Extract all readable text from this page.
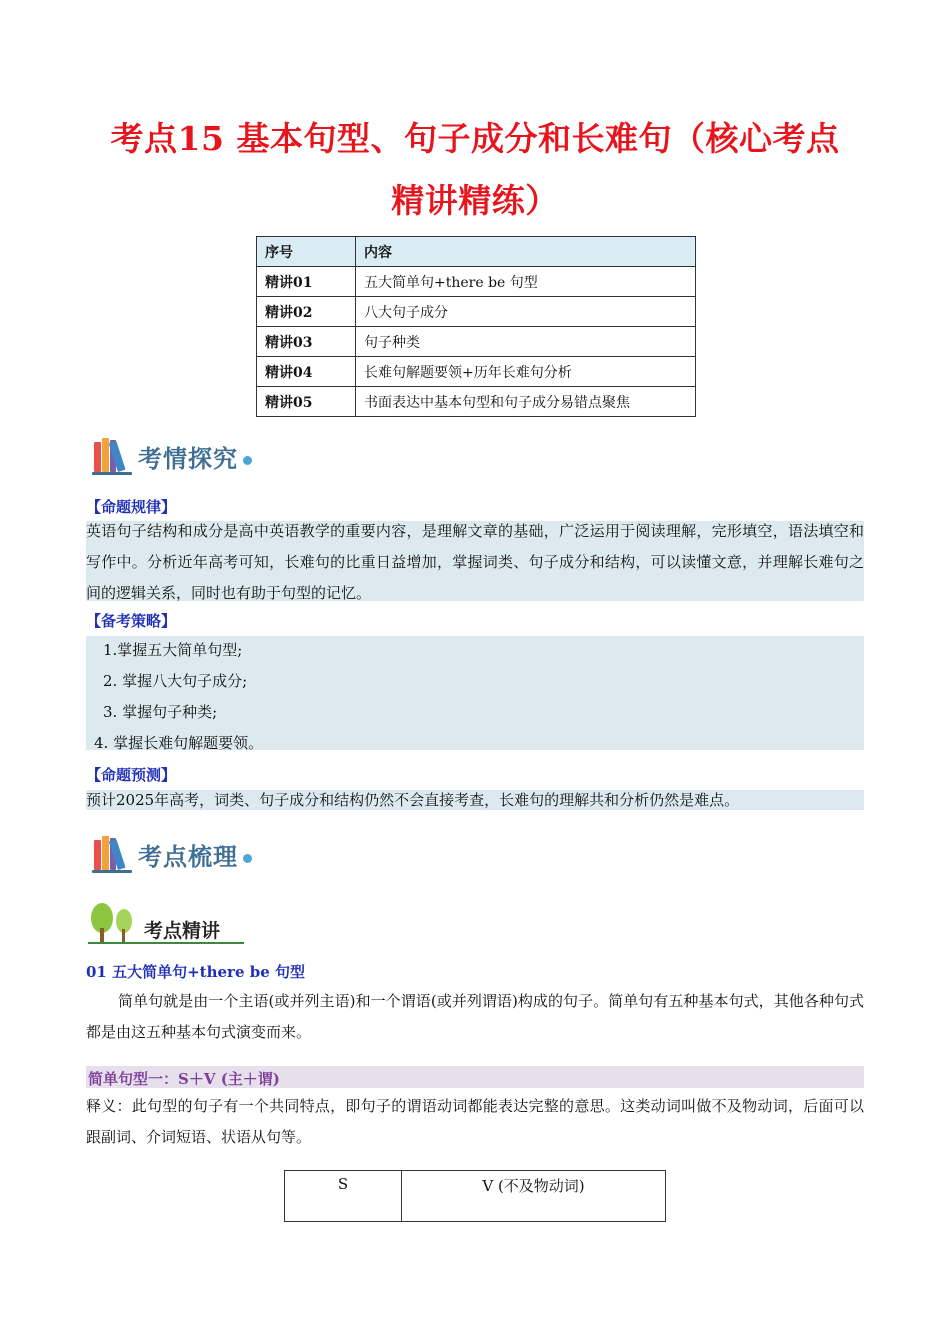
考点15 基本句型、句子成分和长难句（核心考点
精讲精练）
序号	内容
精讲01	五大简单句+there be 句型
精讲02	八大句子成分
精讲03	句子种类
精讲04	长难句解题要领+历年长难句分析
精讲05	书面表达中基本句型和句子成分易错点聚焦
考情探究
【命题规律】

英语句子结构和成分是高中英语教学的重要内容，是理解文章的基础，广泛运用于阅读理解，完形填空，语法填空和写作中。分析近年高考可知，长难句的比重日益增加，掌握词类、句子成分和结构，可以读懂文意，并理解长难句之间的逻辑关系，同时也有助于句型的记忆。

【备考策略】
1.掌握五大简单句型;
2. 掌握八大句子成分;
3. 掌握句子种类;
4. 掌握长难句解题要领。
【命题预测】

预计2025年高考，词类、句子成分和结构仍然不会直接考查，长难句的理解共和分析仍然是难点。

考点梳理
考点精讲
01 五大简单句+there be 句型

简单句就是由一个主语(或并列主语)和一个谓语(或并列谓语)构成的句子。简单句有五种基本句式，其他各种句式都是由这五种基本句式演变而来。

简单句型一：S＋V (主＋谓)

释义：此句型的句子有一个共同特点，即句子的谓语动词都能表达完整的意思。这类动词叫做不及物动词，后面可以跟副词、介词短语、状语从句等。

S	V (不及物动词)
